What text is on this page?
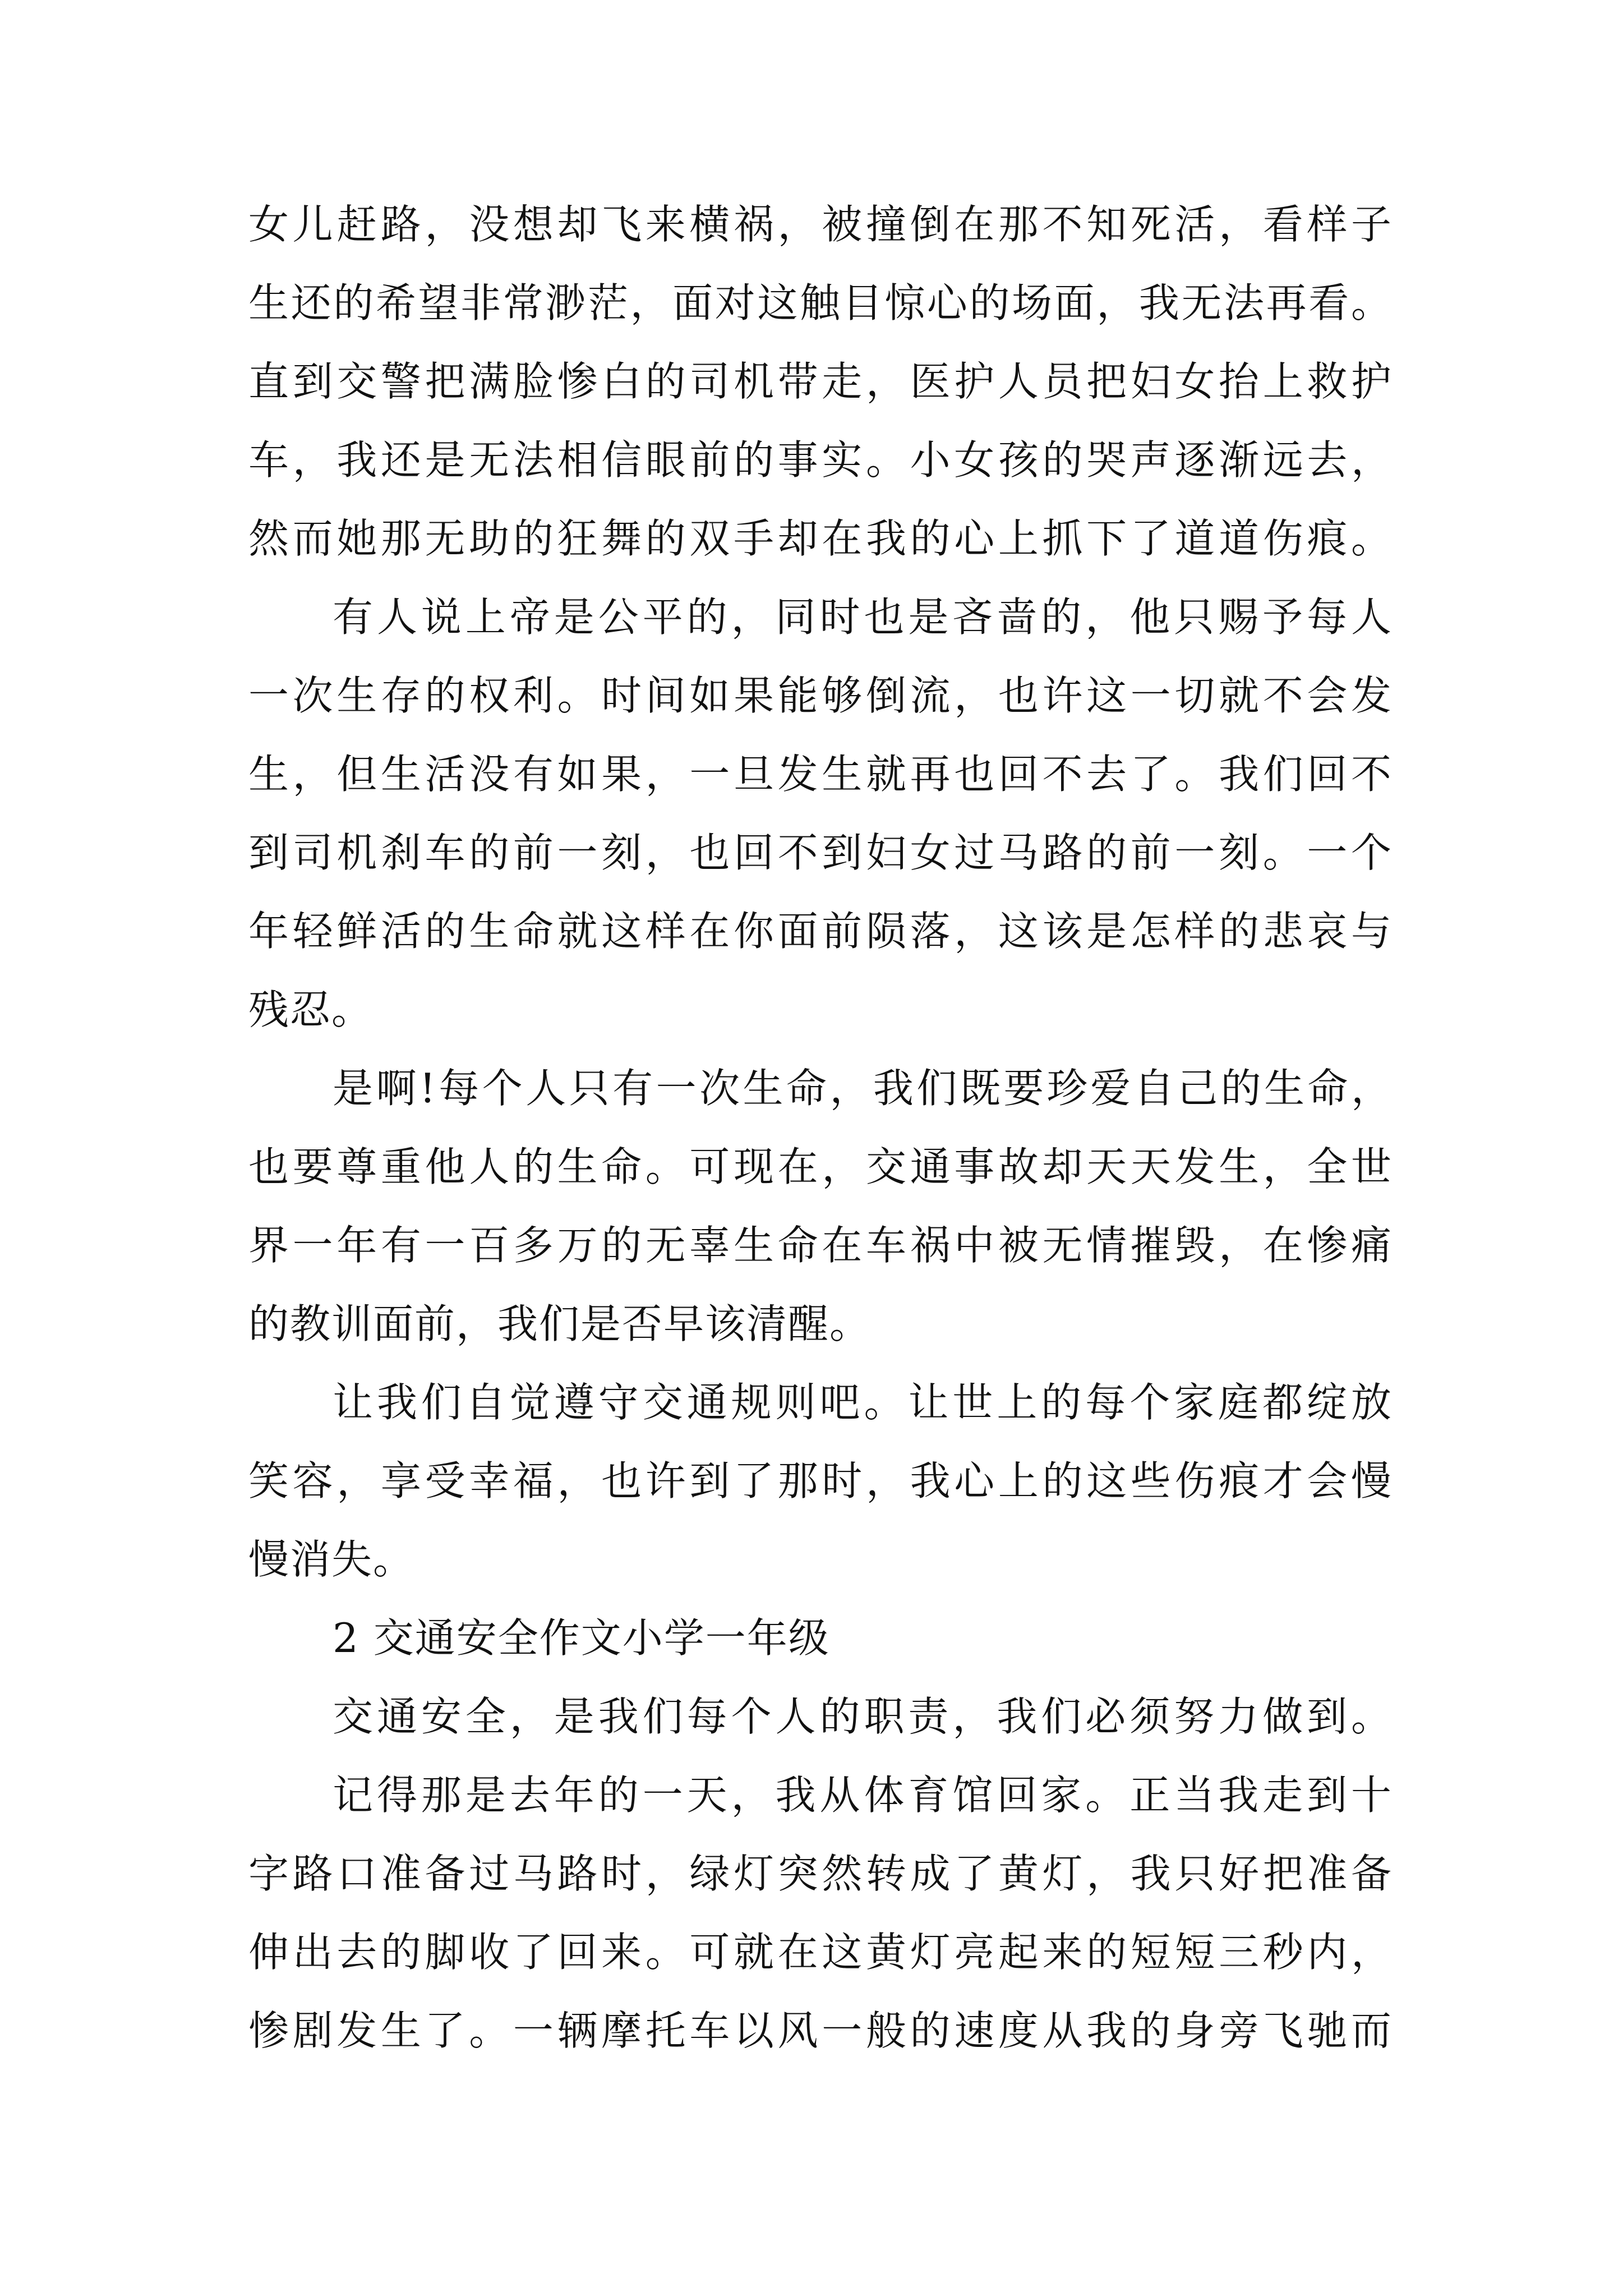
女儿赶路，没想却飞来横祸，被撞倒在那不知死活，看样子
生还的希望非常渺茫，面对这触目惊心的场面，我无法再看。
直到交警把满脸惨白的司机带走，医护人员把妇女抬上救护
车，我还是无法相信眼前的事实。小女孩的哭声逐渐远去，
然而她那无助的狂舞的双手却在我的心上抓下了道道伤痕。
有人说上帝是公平的，同时也是吝啬的，他只赐予每人
一次生存的权利。时间如果能够倒流，也许这一切就不会发
生，但生活没有如果，一旦发生就再也回不去了。我们回不
到司机刹车的前一刻，也回不到妇女过马路的前一刻。一个
年轻鲜活的生命就这样在你面前陨落，这该是怎样的悲哀与
残忍。
是啊!每个人只有一次生命，我们既要珍爱自己的生命，
也要尊重他人的生命。可现在，交通事故却天天发生，全世
界一年有一百多万的无辜生命在车祸中被无情摧毁，在惨痛
的教训面前，我们是否早该清醒。
让我们自觉遵守交通规则吧。让世上的每个家庭都绽放
笑容，享受幸福，也许到了那时，我心上的这些伤痕才会慢
慢消失。
2 交通安全作文小学一年级
交通安全，是我们每个人的职责，我们必须努力做到。
记得那是去年的一天，我从体育馆回家。正当我走到十
字路口准备过马路时，绿灯突然转成了黄灯，我只好把准备
伸出去的脚收了回来。可就在这黄灯亮起来的短短三秒内，
惨剧发生了。一辆摩托车以风一般的速度从我的身旁飞驰而
